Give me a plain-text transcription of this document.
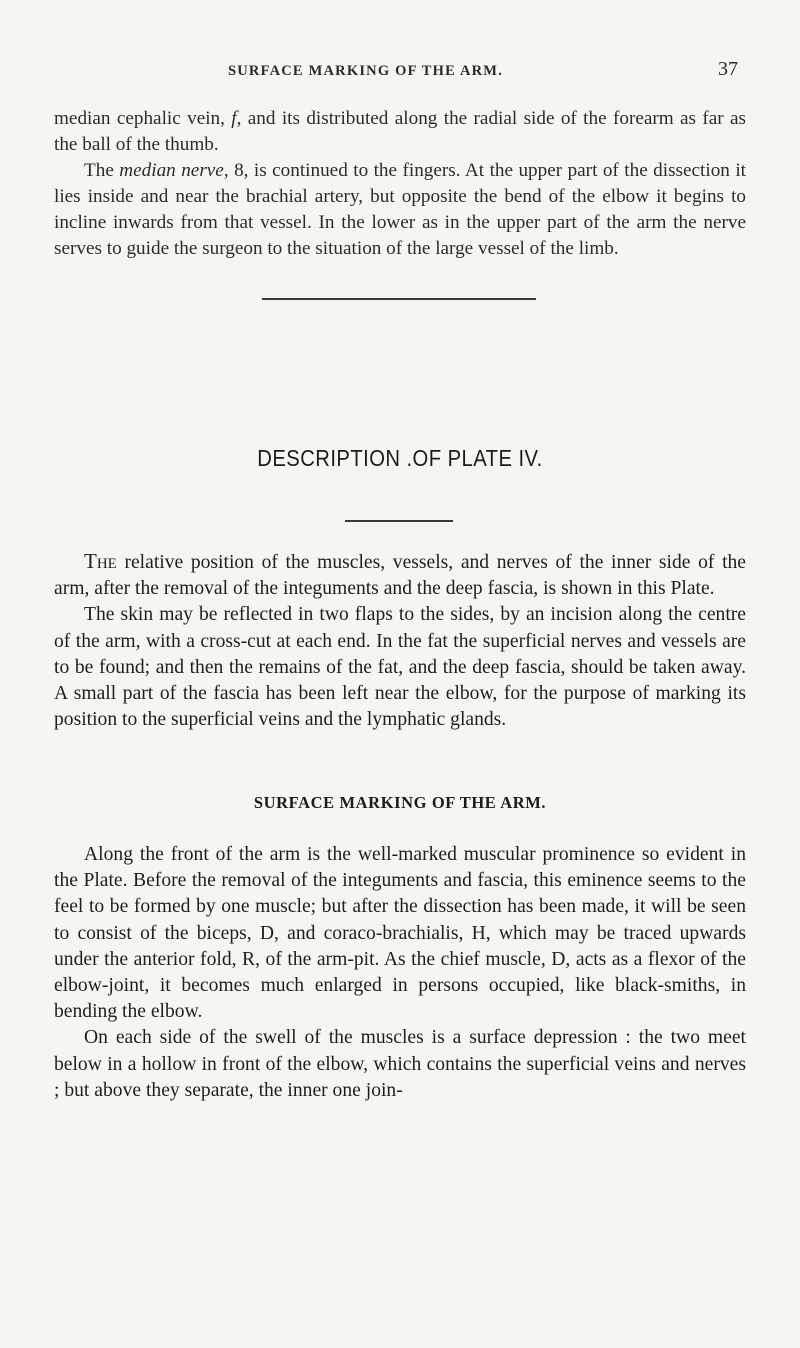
SURFACE MARKING OF THE ARM.	37

median cephalic vein, f, and its distributed along the radial side of the forearm as far as the ball of the thumb.

The median nerve, 8, is continued to the fingers. At the upper part of the dissection it lies inside and near the brachial artery, but opposite the bend of the elbow it begins to incline inwards from that vessel. In the lower as in the upper part of the arm the nerve serves to guide the surgeon to the situation of the large vessel of the limb.

DESCRIPTION .OF PLATE IV.

The relative position of the muscles, vessels, and nerves of the inner side of the arm, after the removal of the integuments and the deep fascia, is shown in this Plate.

The skin may be reflected in two flaps to the sides, by an incision along the centre of the arm, with a cross-cut at each end. In the fat the superficial nerves and vessels are to be found; and then the remains of the fat, and the deep fascia, should be taken away. A small part of the fascia has been left near the elbow, for the purpose of marking its position to the superficial veins and the lymphatic glands.

SURFACE MARKING OF THE ARM.

Along the front of the arm is the well-marked muscular prominence so evident in the Plate. Before the removal of the integuments and fascia, this eminence seems to the feel to be formed by one muscle; but after the dissection has been made, it will be seen to consist of the biceps, D, and coraco-brachialis, H, which may be traced upwards under the anterior fold, R, of the arm-pit. As the chief muscle, D, acts as a flexor of the elbow-joint, it becomes much enlarged in persons occupied, like black-smiths, in bending the elbow.

On each side of the swell of the muscles is a surface depression : the two meet below in a hollow in front of the elbow, which contains the superficial veins and nerves ; but above they separate, the inner one join-
